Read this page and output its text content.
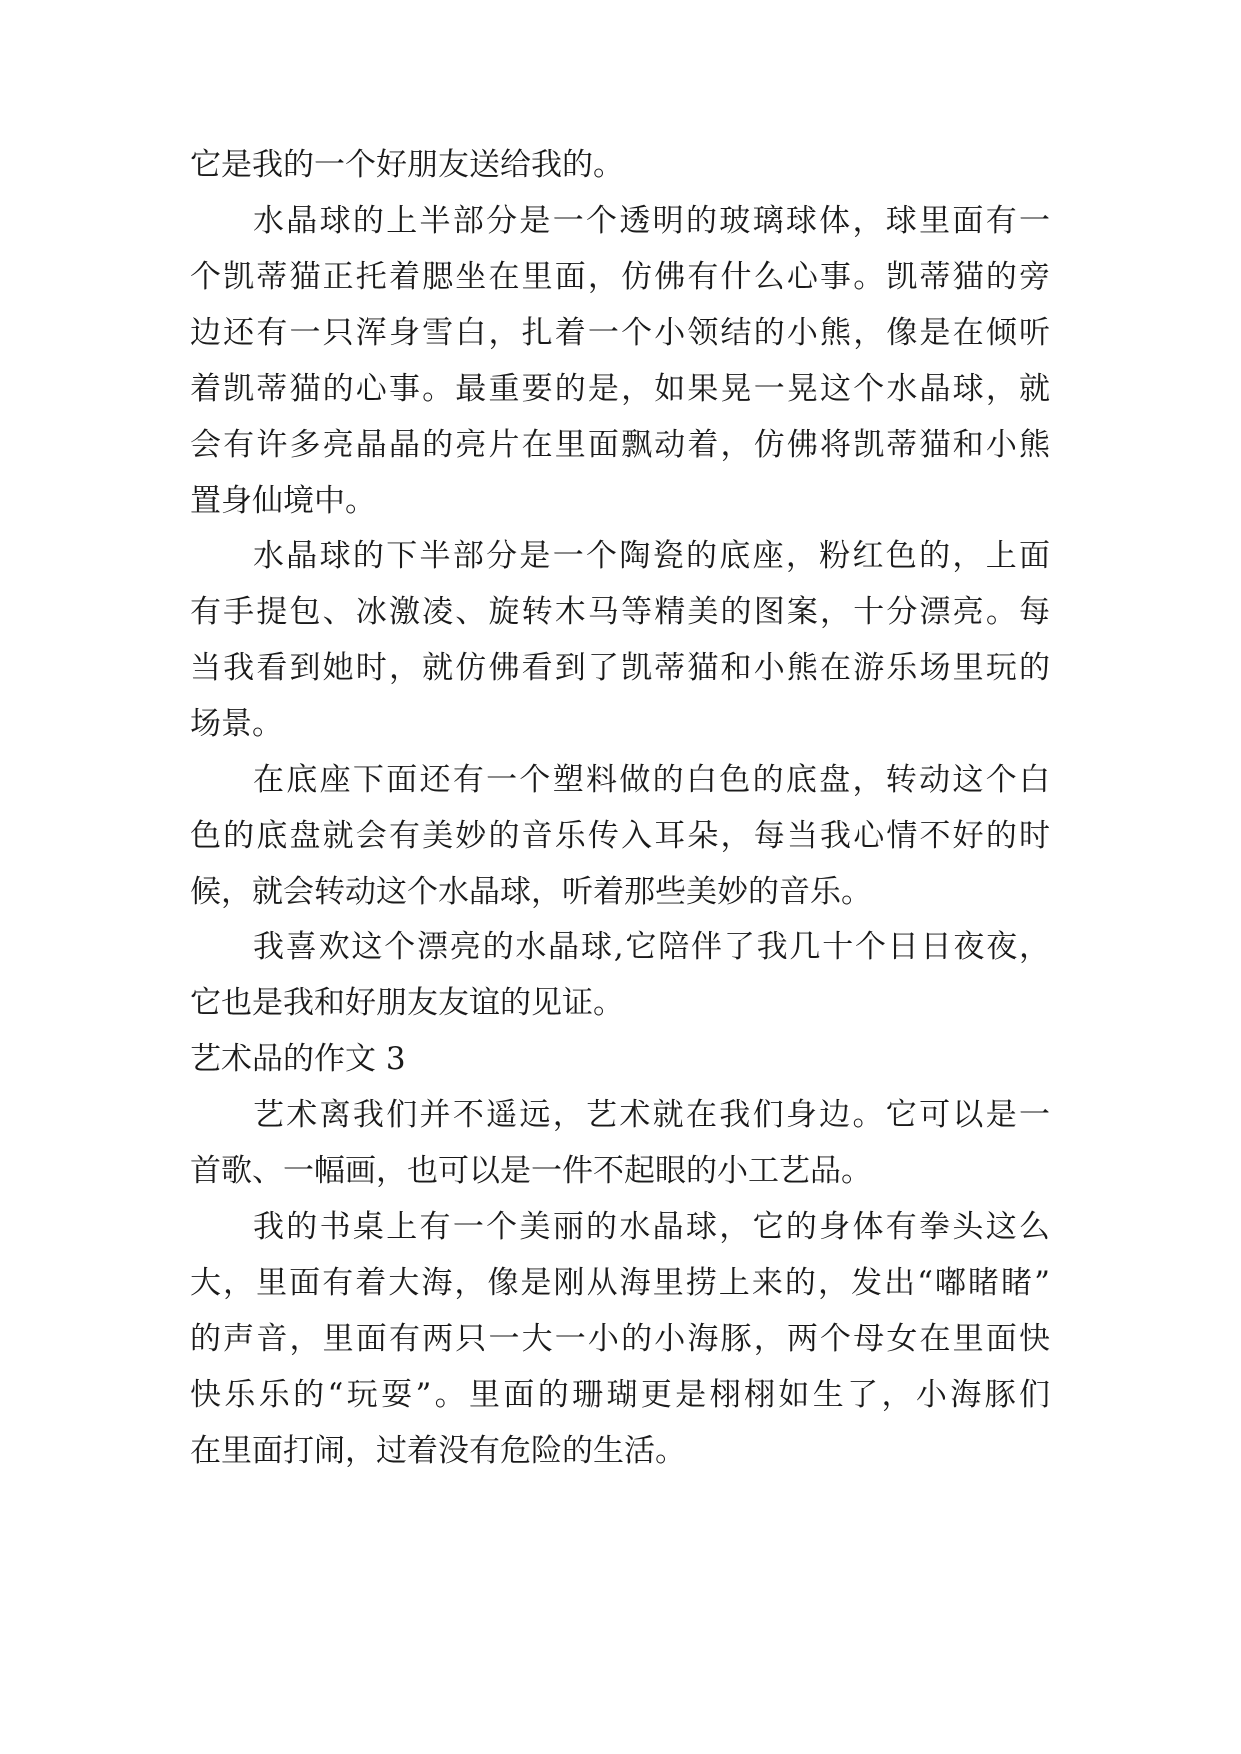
它是我的一个好朋友送给我的。
水晶球的上半部分是一个透明的玻璃球体，球里面有一
个凯蒂猫正托着腮坐在里面，仿佛有什么心事。凯蒂猫的旁
边还有一只浑身雪白，扎着一个小领结的小熊，像是在倾听
着凯蒂猫的心事。最重要的是，如果晃一晃这个水晶球，就
会有许多亮晶晶的亮片在里面飘动着，仿佛将凯蒂猫和小熊
置身仙境中。
水晶球的下半部分是一个陶瓷的底座，粉红色的，上面
有手提包、冰激凌、旋转木马等精美的图案，十分漂亮。每
当我看到她时，就仿佛看到了凯蒂猫和小熊在游乐场里玩的
场景。
在底座下面还有一个塑料做的白色的底盘，转动这个白
色的底盘就会有美妙的音乐传入耳朵，每当我心情不好的时
候，就会转动这个水晶球，听着那些美妙的音乐。
我喜欢这个漂亮的水晶球,它陪伴了我几十个日日夜夜，
它也是我和好朋友友谊的见证。
艺术品的作文 3
艺术离我们并不遥远，艺术就在我们身边。它可以是一
首歌、一幅画，也可以是一件不起眼的小工艺品。
我的书桌上有一个美丽的水晶球，它的身体有拳头这么
大，里面有着大海，像是刚从海里捞上来的，发出“嘟睹睹”
的声音，里面有两只一大一小的小海豚，两个母女在里面快
快乐乐的“玩耍”。里面的珊瑚更是栩栩如生了，小海豚们
在里面打闹，过着没有危险的生活。
